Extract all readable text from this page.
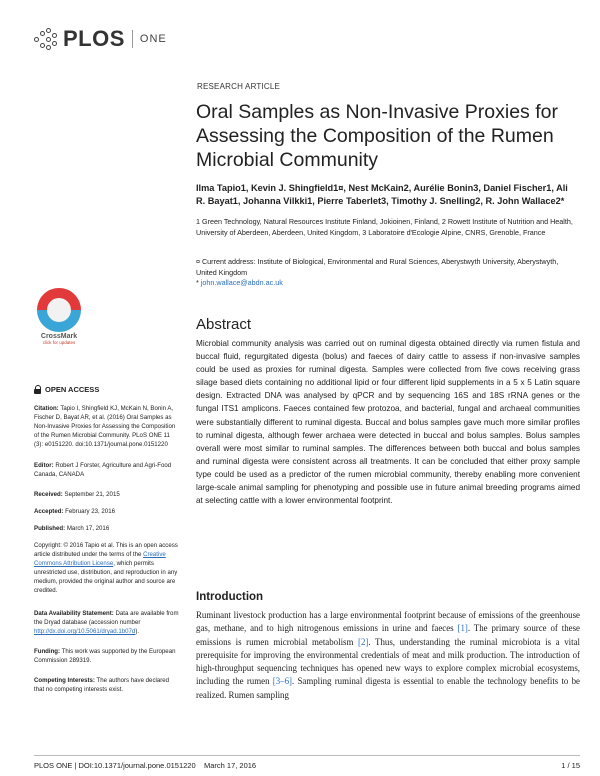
PLOS ONE
RESEARCH ARTICLE
Oral Samples as Non-Invasive Proxies for Assessing the Composition of the Rumen Microbial Community
Ilma Tapio1, Kevin J. Shingfield1¤, Nest McKain2, Aurélie Bonin3, Daniel Fischer1, Ali R. Bayat1, Johanna Vilkki1, Pierre Taberlet3, Timothy J. Snelling2, R. John Wallace2*
1 Green Technology, Natural Resources Institute Finland, Jokioinen, Finland, 2 Rowett Institute of Nutrition and Health, University of Aberdeen, Aberdeen, United Kingdom, 3 Laboratoire d'Ecologie Alpine, CNRS, Grenoble, France
¤ Current address: Institute of Biological, Environmental and Rural Sciences, Aberystwyth University, Aberystwyth, United Kingdom
* john.wallace@abdn.ac.uk
CrossMark
click for updates
Abstract
Microbial community analysis was carried out on ruminal digesta obtained directly via rumen fistula and buccal fluid, regurgitated digesta (bolus) and faeces of dairy cattle to assess if non-invasive samples could be used as proxies for ruminal digesta. Samples were collected from five cows receiving grass silage based diets containing no additional lipid or four different lipid supplements in a 5 x 5 Latin square design. Extracted DNA was analysed by qPCR and by sequencing 16S and 18S rRNA genes or the fungal ITS1 amplicons. Faeces contained few protozoa, and bacterial, fungal and archaeal communities were substantially different to ruminal digesta. Buccal and bolus samples gave much more similar profiles to ruminal digesta, although fewer archaea were detected in buccal and bolus samples. Bolus samples overall were most similar to ruminal samples. The differences between both buccal and bolus samples and ruminal digesta were consistent across all treatments. It can be concluded that either proxy sample type could be used as a predictor of the rumen microbial community, thereby enabling more convenient large-scale animal sampling for phenotyping and possible use in future animal breeding programs aimed at selecting cattle with a lower environmental footprint.
OPEN ACCESS
Citation: Tapio I, Shingfield KJ, McKain N, Bonin A, Fischer D, Bayat AR, et al. (2016) Oral Samples as Non-Invasive Proxies for Assessing the Composition of the Rumen Microbial Community. PLoS ONE 11 (3): e0151220. doi:10.1371/journal.pone.0151220
Editor: Robert J Forster, Agriculture and Agri-Food Canada, CANADA
Received: September 21, 2015
Accepted: February 23, 2016
Published: March 17, 2016
Copyright: © 2016 Tapio et al. This is an open access article distributed under the terms of the Creative Commons Attribution License, which permits unrestricted use, distribution, and reproduction in any medium, provided the original author and source are credited.
Data Availability Statement: Data are available from the Dryad database (accession number http://dx.doi.org/10.5061/dryad.1b07d).
Funding: This work was supported by the European Commission 289319.
Competing Interests: The authors have declared that no competing interests exist.
Introduction
Ruminant livestock production has a large environmental footprint because of emissions of the greenhouse gas, methane, and to high nitrogenous emissions in urine and faeces [1]. The primary source of these emissions is rumen microbial metabolism [2]. Thus, understanding the ruminal microbiota is a vital prerequisite for improving the environmental credentials of meat and milk production. The introduction of high-throughput sequencing techniques has opened new ways to explore complex microbial ecosystems, including the rumen [3–6]. Sampling ruminal digesta is essential to enable the technology benefits to be realized. Rumen sampling
PLOS ONE | DOI:10.1371/journal.pone.0151220    March 17, 2016	1 / 15
